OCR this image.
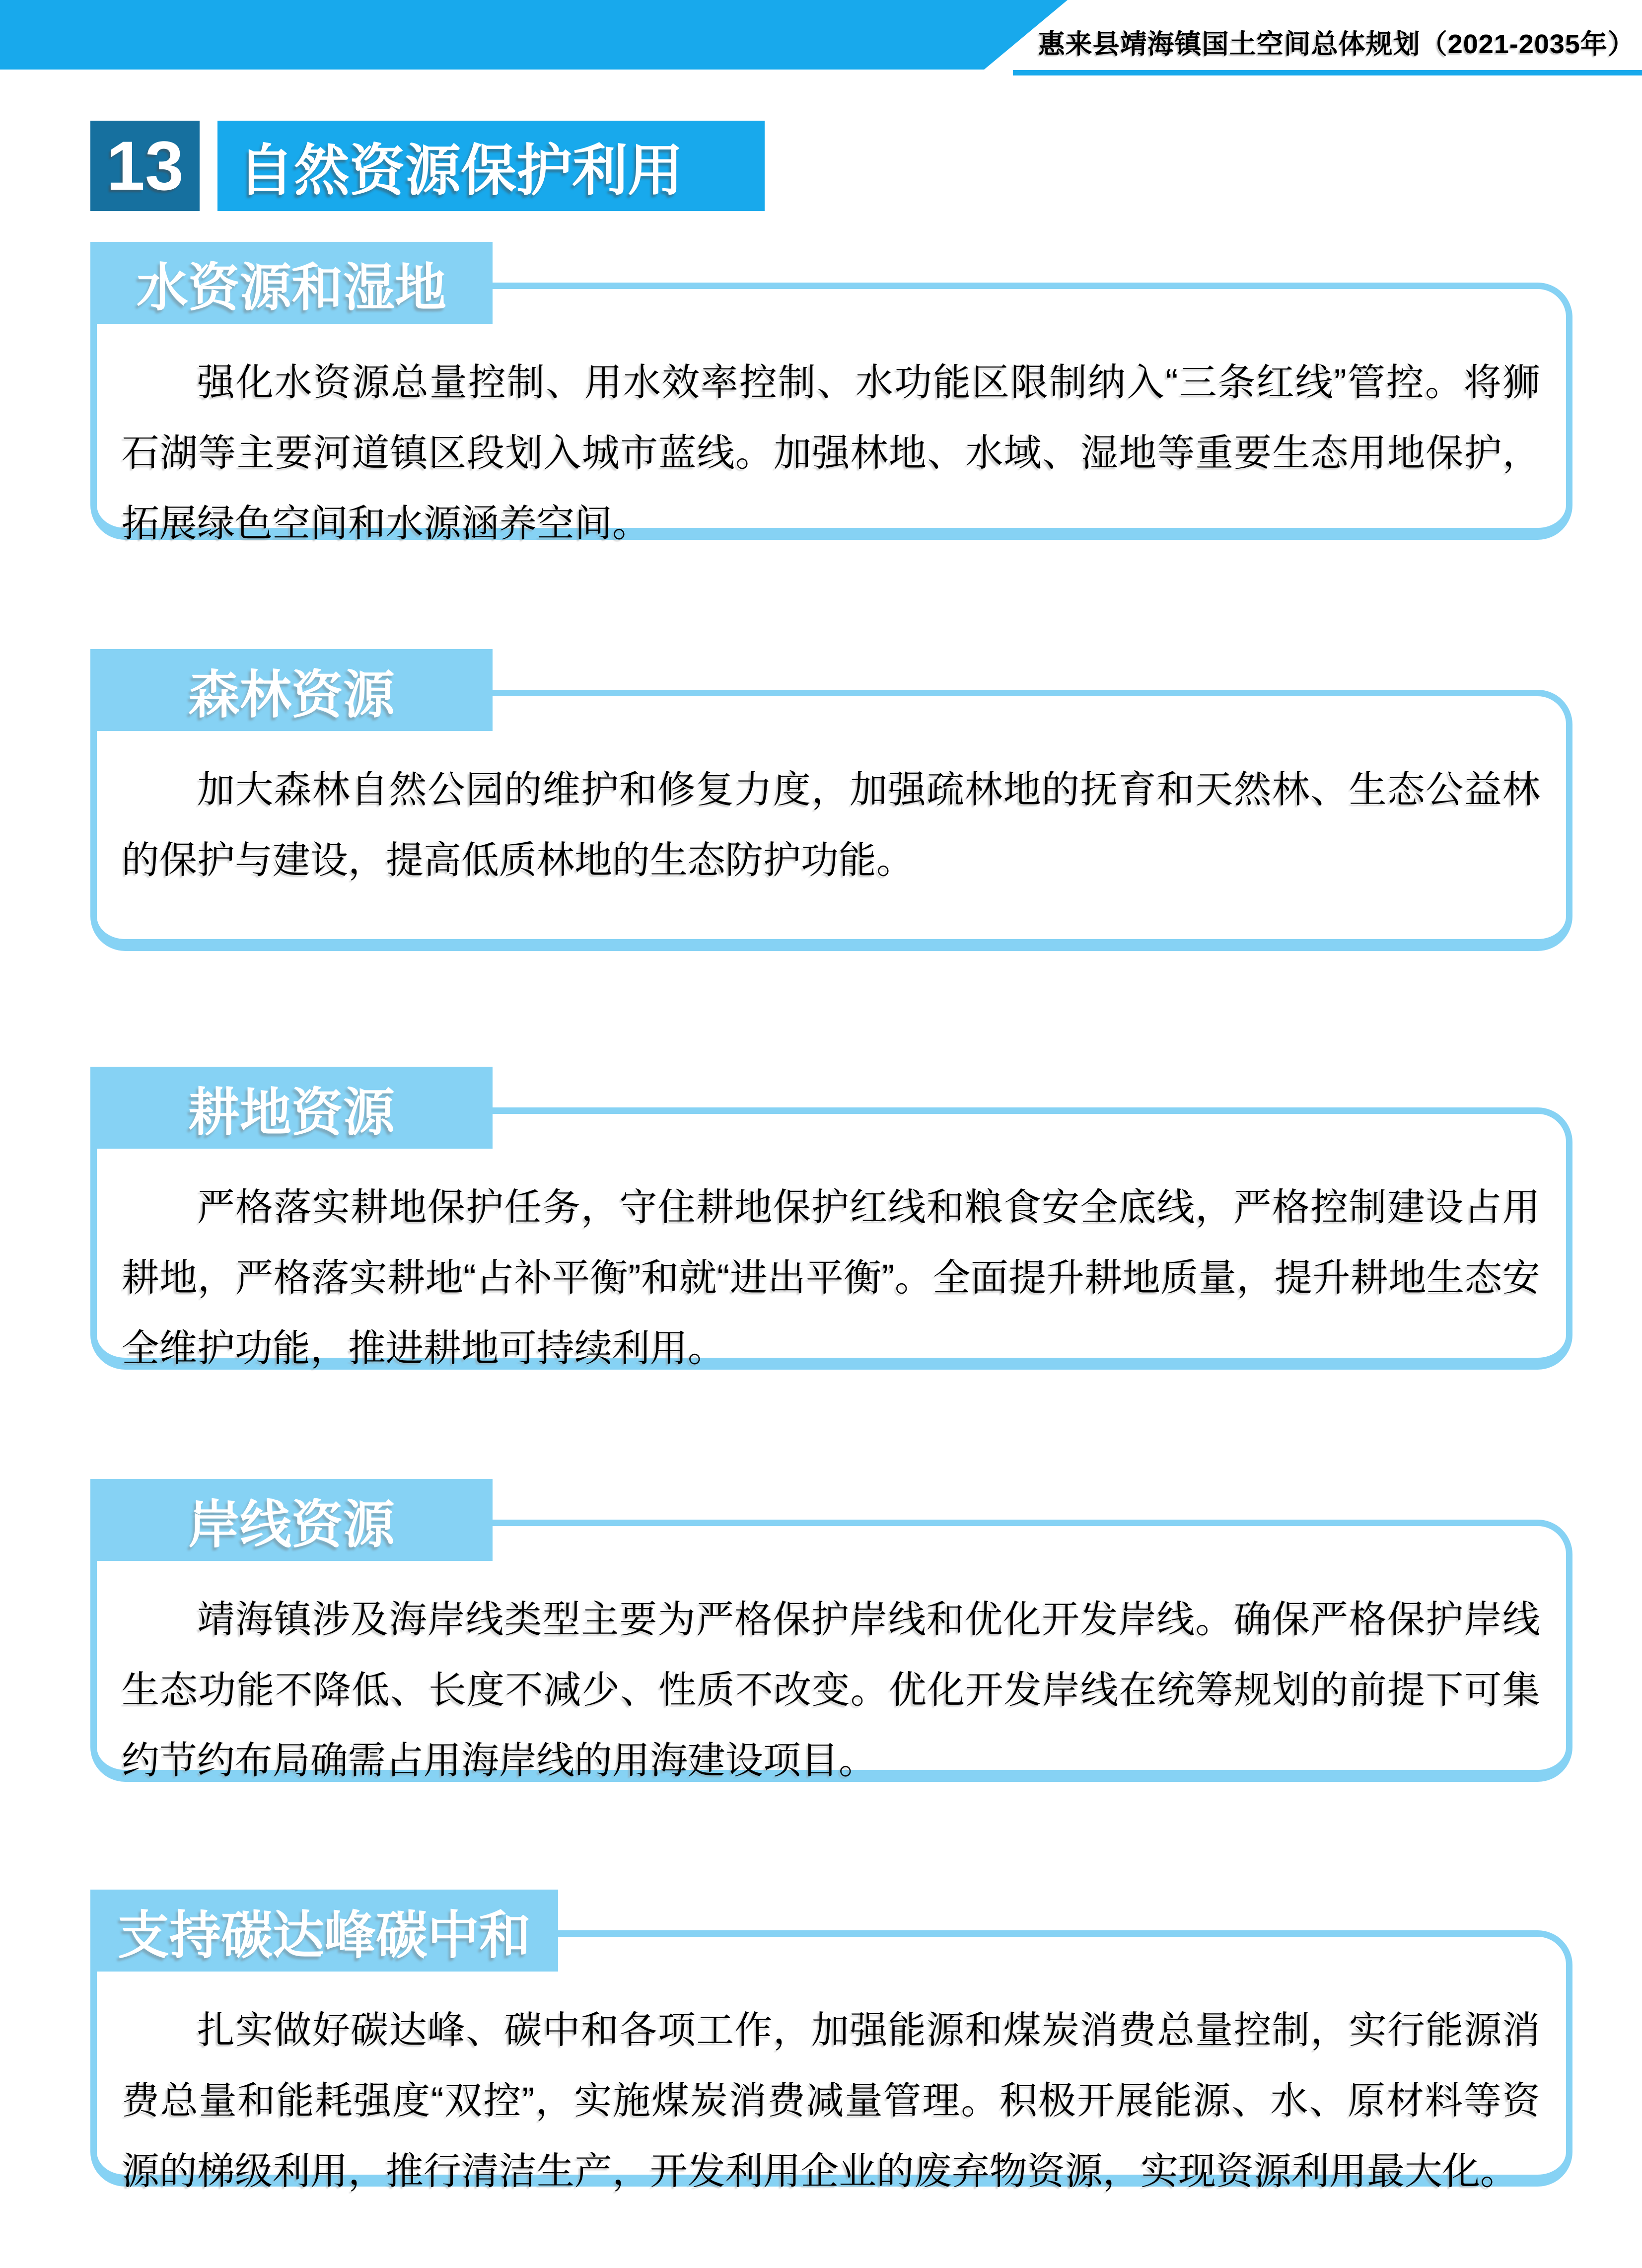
惠来县靖海镇国土空间总体规划（2021-2035年）
13 自然资源保护利用

强化水资源总量控制、用水效率控制、水功能区限制纳入“三条红线”管控。将狮石湖等主要河道镇区段划入城市蓝线。加强林地、水域、湿地等重要生态用地保护，拓展绿色空间和水源涵养空间。

水资源和湿地

加大森林自然公园的维护和修复力度，加强疏林地的抚育和天然林、生态公益林的保护与建设，提高低质林地的生态防护功能。

森林资源

严格落实耕地保护任务，守住耕地保护红线和粮食安全底线，严格控制建设占用耕地，严格落实耕地“占补平衡”和就“进出平衡”。全面提升耕地质量，提升耕地生态安全维护功能，推进耕地可持续利用。

耕地资源

靖海镇涉及海岸线类型主要为严格保护岸线和优化开发岸线。确保严格保护岸线生态功能不降低、长度不减少、性质不改变。优化开发岸线在统筹规划的前提下可集约节约布局确需占用海岸线的用海建设项目。

岸线资源

扎实做好碳达峰、碳中和各项工作，加强能源和煤炭消费总量控制，实行能源消费总量和能耗强度“双控”，实施煤炭消费减量管理。积极开展能源、水、原材料等资源的梯级利用，推行清洁生产，开发利用企业的废弃物资源，实现资源利用最大化。

支持碳达峰碳中和
